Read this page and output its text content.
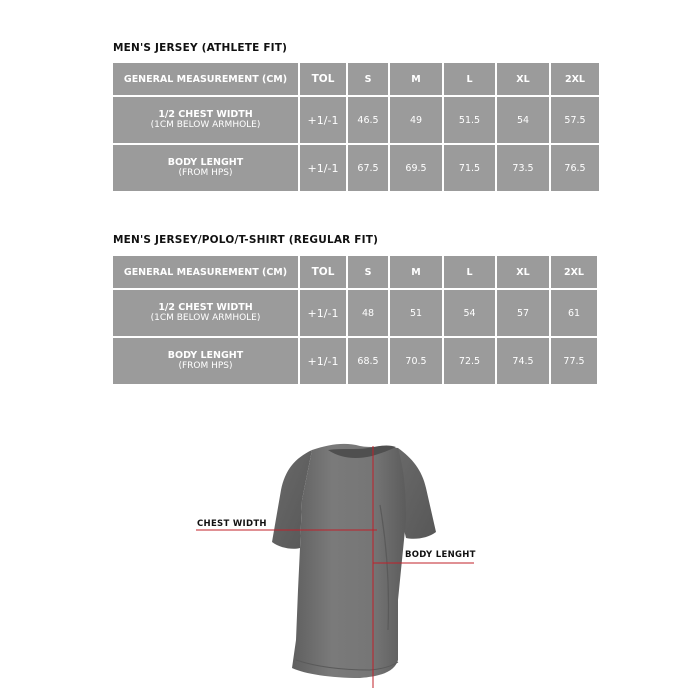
MEN'S JERSEY (ATHLETE FIT)
GENERAL MEASUREMENT (CM)	TOL	S	M	L	XL	2XL
1/2 CHEST WIDTH
(1CM BELOW ARMHOLE)	+1/-1	46.5	49	51.5	54	57.5
BODY LENGHT
(FROM HPS)	+1/-1	67.5	69.5	71.5	73.5	76.5
MEN'S JERSEY/POLO/T-SHIRT (REGULAR FIT)
GENERAL MEASUREMENT (CM)	TOL	S	M	L	XL	2XL
1/2 CHEST WIDTH
(1CM BELOW ARMHOLE)	+1/-1	48	51	54	57	61
BODY LENGHT
(FROM HPS)	+1/-1	68.5	70.5	72.5	74.5	77.5
CHEST WIDTH
BODY LENGHT
